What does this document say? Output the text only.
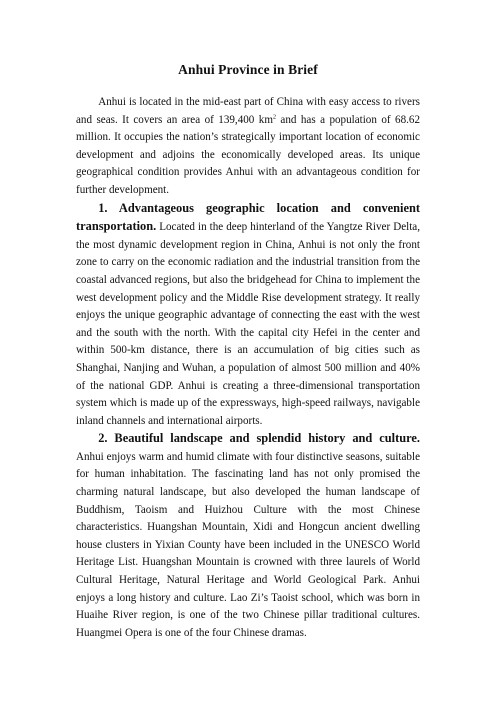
Anhui Province in Brief

Anhui is located in the mid-east part of China with easy access to rivers and seas. It covers an area of 139,400 $km^2$ and has a population of 68.62 million. It occupies the nation’s strategically important location of economic development and adjoins the economically developed areas. Its unique geographical condition provides Anhui with an advantageous condition for further development.

1. Advantageous geographic location and convenient transportation. Located in the deep hinterland of the Yangtze River Delta, the most dynamic development region in China, Anhui is not only the front zone to carry on the economic radiation and the industrial transition from the coastal advanced regions, but also the bridgehead for China to implement the west development policy and the Middle Rise development strategy. It really enjoys the unique geographic advantage of connecting the east with the west and the south with the north. With the capital city Hefei in the center and within 500-km distance, there is an accumulation of big cities such as Shanghai, Nanjing and Wuhan, a population of almost 500 million and 40% of the national GDP. Anhui is creating a three-dimensional transportation system which is made up of the expressways, high-speed railways, navigable inland channels and international airports.

2. Beautiful landscape and splendid history and culture. Anhui enjoys warm and humid climate with four distinctive seasons, suitable for human inhabitation. The fascinating land has not only promised the charming natural landscape, but also developed the human landscape of Buddhism, Taoism and Huizhou Culture with the most Chinese characteristics. Huangshan Mountain, Xidi and Hongcun ancient dwelling house clusters in Yixian County have been included in the UNESCO World Heritage List. Huangshan Mountain is crowned with three laurels of World Cultural Heritage, Natural Heritage and World Geological Park. Anhui enjoys a long history and culture. Lao Zi’s Taoist school, which was born in Huaihe River region, is one of the two Chinese pillar traditional cultures. Huangmei Opera is one of the four Chinese dramas.
